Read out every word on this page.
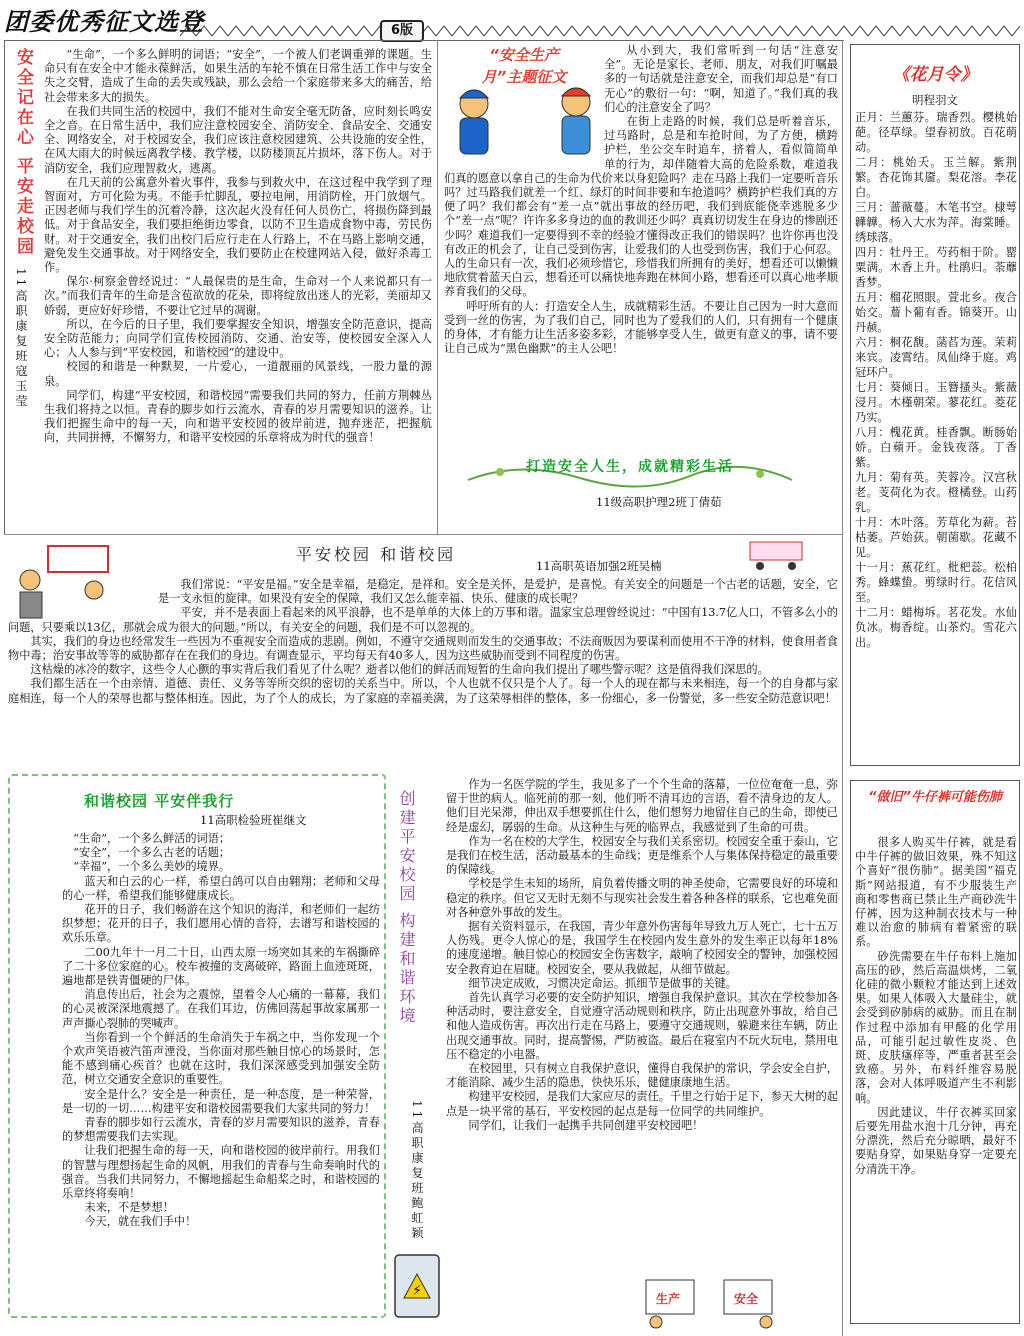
团委优秀征文选登	6版
安全记在心 平安走校园
11高职康复班寇玉莹

“生命”，一个多么鲜明的词语；“安全”，一个被人们老调重弹的课题。生命只有在安全中才能永葆鲜活，如果生活的车轮不慎在日常生活工作中与安全失之交臂，造成了生命的丢失或残缺，那么会给一个家庭带来多大的痛苦，给社会带来多大的损失。

在我们共同生活的校园中，我们不能对生命安全毫无防备，应时刻长鸣安全之音。在日常生活中，我们应注意校园安全、消防安全、食品安全、交通安全、网络安全，对于校园安全，我们应该注意校园建筑、公共设施的安全性，在风大雨大的时候远离教学楼、教学楼，以防楼顶瓦片损坏，落下伤人。对于消防安全，我们应理智救火，逃离。

在几天前的公寓意外着火事件，我参与到救火中，在这过程中我学到了理智面对，方可化险为夷。不能手忙脚乱，要拉电闸，用消防栓，开门放烟气。正因老师与我们学生的沉着冷静，这次起火没有任何人员伤亡，将损伤降到最低。对于食品安全，我们要拒绝街边零食，以防不卫生造成食物中毒，劳民伤财。对于交通安全，我们出校门后应行走在人行路上，不在马路上影响交通，避免发生交通事故。对于网络安全，我们要防止在校建网站入侵，做好杀毒工作。

保尔·柯察金曾经说过：“人最保贵的是生命，生命对一个人来说都只有一次。”而我们青年的生命是含苞欲放的花朵，即将绽放出迷人的光彩，美丽却又娇弱，更应好好珍惜，不要让它过早的凋谢。

所以，在今后的日子里，我们要掌握安全知识，增强安全防范意识，提高安全防范能力；向同学们宣传校园消防、交通、治安等，使校园安全深入人心；人人参与到“平安校园，和谐校园”的建设中。

校园的和谐是一种默契，一片爱心，一道靓丽的风景线，一股力量的源泉。

同学们，构建“平安校园，和谐校园”需要我们共同的努力，任前方荆棘丛生我们将持之以恒。青春的脚步如行云流水，青春的岁月需要知识的滋养。让我们把握生命中的每一天，向和谐平安校园的彼岸前进，抛弃迷茫，把握航向，共同拼搏，不懈努力，和谐平安校园的乐章将成为时代的强音！

“安全生产月”主题征文

从小到大，我们常听到一句话“注意安全”。无论是家长、老师、朋友，对我们叮嘱最多的一句话就是注意安全，而我们却总是“有口无心”的敷衍一句：“啊，知道了。”我们真的我们心的注意安全了吗？

在街上走路的时候，我们总是听着音乐，过马路时，总是和车抢时间，为了方便，横跨护栏，坐公交车时追车，挤着人，看似简简单单的行为，却伴随着大高的危险系数，难道我们真的愿意以拿自己的生命为代价来以身犯险吗？走在马路上我们一定要听音乐吗？过马路我们就差一个红、绿灯的时间非要和车抢道吗？横跨护栏我们真的方便了吗？我们都会有“差一点”就出事故的经历吧，我们到底能侥幸逃脱多少个“差一点”呢？许许多多身边的血的教训还少吗？真真切切发生在身边的惨剧还少吗？难道我们一定要得到不幸的经验才懂得改正我们的错误吗？也许你再也没有改正的机会了，让自己受到伤害，让爱我们的人也受到伤害，我们于心何忍。人的生命只有一次，我们必须珍惜它，珍惜我们所拥有的美好，想看还可以懒懒地欣赏着蓝天白云，想看还可以痛快地奔跑在林间小路，想看还可以真心地孝顺养育我们的父母。

呼吁所有的人：打造安全人生，成就精彩生活。不要让自己因为一时大意而受到一丝的伤害，为了我们自己，同时也为了爱我们的人们，只有拥有一个健康的身体，才有能力让生活多姿多彩，才能够享受人生，做更有意义的事，请不要让自己成为“黑色幽默”的主人公吧！

打造安全人生，成就精彩生活
11级高职护理2班丁倩茹
平安校园 和谐校园
11高职英语加强2班吴楠

我们常说：“平安是福。”安全是幸福，是稳定，是祥和。安全是关怀，是爱护，是喜悦。有关安全的问题是一个古老的话题，安全，它是一支永恒的旋律。如果没有安全的保障，我们又怎么能幸福、快乐、健康的成长呢？

平安，并不是表面上看起来的风平浪静，也不是单单的大体上的万事和谐。温家宝总理曾经说过：“中国有13.7亿人口，不管多么小的问题，只要乘以13亿，那就会成为很大的问题。”所以，有关安全的问题，我们是不可以忽视的。

其实，我们的身边也经常发生一些因为不重视安全而造成的悲剧。例如，不遵守交通规则而发生的交通事故；不法商贩因为要谋利而使用不干净的材料，使食用者食物中毒；治安事故等等的威胁都存在在我们的身边。有调查显示，平均每天有40多人，因为这些威胁而受到不同程度的伤害。

这枯燥的冰冷的数字，这些令人心颤的事实背后我们看见了什么呢？逝者以他们的鲜活而短暂的生命向我们提出了哪些警示呢？这是值得我们深思的。

我们都生活在一个由亲情、道德、责任、义务等等所交织的密切的关系当中。所以，个人也就不仅只是个人了。每一个人的现在都与未来相连，每一个的自身都与家庭相连，每一个人的荣辱也都与整体相连。因此，为了个人的成长，为了家庭的幸福美满，为了这荣辱相伴的整体，多一份细心，多一份警觉，多一些安全防范意识吧！

和谐校园 平安伴我行
11高职检验班崔继文

“生命”，一个多么鲜活的词语；

“安全”，一个多么古老的话题；

“幸福”，一个多么美妙的境界。

蓝天和白云的心一样，希望白鸽可以自由翱翔；老师和父母的心一样，希望我们能够健康成长。

花开的日子，我们畅游在这个知识的海洋，和老师们一起纺织梦想；花开的日子，我们愿用心情的音符，去谱写和谐校园的欢乐乐章。

二00九年十一月二十日，山西太原一场突如其来的车祸撕碎了二十多位家庭的心。校车被撞的支离破碎，路面上血迹斑斑，遍地都是铁青僵硬的尸体。

消息传出后，社会为之震惊，望着令人心痛的一幕幕，我们的心灵被深深地震撼了。在我们耳边，仿佛回荡起事故家属那一声声撕心裂肺的哭喊声。

当你看到一个个鲜活的生命消失于车祸之中，当你发现一个个欢声笑语被汽笛声湮没，当你面对那些触目惊心的场景时，怎能不感到痛心疾首？也就在这时，我们深深感受到加强安全防范，树立交通安全意识的重要性。

安全是什么？安全是一种责任，是一种态度，是一种荣誉，是一切的一切……构建平安和谐校园需要我们大家共同的努力！

青春的脚步如行云流水，青春的岁月需要知识的滋养，青春的梦想需要我们去实现。

让我们把握生命的每一天，向和谐校园的彼岸前行。用我们的智慧与理想扬起生命的风帆，用我们的青春与生命奏响时代的强音。当我们共同努力，不懈地摇起生命船桨之时，和谐校园的乐章终将奏响！

未来，不是梦想！

今天，就在我们手中！

创建平安校园 构建和谐环境
11高职康复班鲍虹颖
⚡

作为一名医学院的学生，我见多了一个个生命的落幕，一位位奄奄一息，弥留于世的病人。临死前的那一刻，他们听不清耳边的言语，看不清身边的友人。他们目光呆滞，伸出双手想要抓住什么，他们想努力地留住自己的生命，即使已经是虚幻，孱弱的生命。从这种生与死的临界点，我感觉到了生命的可贵。

作为一名在校的大学生，校园安全与我们关系密切。校园安全重于泰山，它是我们在校生活，活动最基本的生命线；更是维系个人与集体保持稳定的最重要的保障线。

学校是学生未知的场所，肩负着传播文明的神圣使命，它需要良好的环境和稳定的秩序。但它又无时无刻不与现实社会发生着各种各样的联系，它也难免面对各种意外事故的发生。

据有关资料显示，在我国，青少年意外伤害每年导致九万人死亡，七十五万人伤残。更令人惊心的是，我国学生在校园内发生意外的发生率正以每年18%的速度递增。触目惊心的校园安全伤害数字，敲响了校园安全的警钟，加强校园安全教育迫在眉睫。校园安全，要从我做起，从细节做起。

细节决定成败，习惯决定命运。抓细节是做事的关键。

首先认真学习必要的安全防护知识，增强自我保护意识。其次在学校参加各种活动时，要注意安全，自觉遵守活动规则和秩序，防止出现意外事故，给自己和他人造成伤害。再次出行走在马路上，要遵守交通规则，躲避来往车辆，防止出现交通事故。同时，提高警惕，严防被盗。最后在寝室内不玩火玩电，禁用电压不稳定的小电器。

在校园里，只有树立自我保护意识，懂得自我保护的常识，学会安全自护，才能消除、减少生活的隐患，快快乐乐，健健康康地生活。

构建平安校园，是我们大家应尽的责任。千里之行始于足下，参天大树的起点是一块平常的基石，平安校园的起点是每一位同学的共同维护。

同学们，让我们一起携手共同创建平安校园吧！

生产	安全
《花月令》
明程羽文

正月：兰蕙芬。瑞香烈。樱桃始葩。径草绿。望春初放。百花萌动。

二月：桃始夭。玉兰解。紫荆繁。杏花饰其靥。梨花溶。李花白。

三月：蔷薇蔓。木笔书空。棣萼韡韡。杨入大水为萍。海棠睡。绣球落。

四月：牡丹王。芍药相于阶。罂粟满。木香上升。杜鹃归。荼蘼香梦。

五月：榴花照眼。萱北乡。夜合始交。薝卜葡有香。锦葵开。山丹赪。

六月：桐花馥。菡萏为莲。茉莉来宾。凌霄结。凤仙绛于庭。鸡冠环户。

七月：葵倾日。玉簪搔头。紫薇浸月。木槿朝荣。蓼花红。菱花乃实。

八月：槐花黄。桂香飘。断肠始娇。白蘋开。金钱夜落。丁香紫。

九月：菊有英。芙蓉冷。汉宫秋老。芰荷化为衣。橙橘登。山药乳。

十月：木叶落。芳草化为薪。苔枯萎。芦始荻。朝菌歇。花藏不见。

十一月：蕉花红。枇杷蕊。松柏秀。蜂蝶蛰。剪绿时行。花信风至。

十二月：蜡梅坼。茗花发。水仙负冰。梅香绽。山茶灼。雪花六出。

“做旧”牛仔裤可能伤肺

很多人购买牛仔裤，就是看中牛仔裤的做旧效果，殊不知这个喜好“很伤肺”。据美国“福克斯”网站报道，有不少服装生产商和零售商已禁止生产商砂洗牛仔裤，因为这种制衣技术与一种难以治愈的肺病有着紧密的联系。

砂洗需要在牛仔布料上施加高压的砂，然后高温烘烤，二氧化硅的微小颗粒才能达到上述效果。如果人体吸入大量硅尘，就会受到矽肺病的威胁。而且在制作过程中添加有甲醛的化学用品，可能引起过敏性皮炎、色斑、皮肤瘙痒等，严重者甚至会致癌。另外，布料纤维容易脱落，会对人体呼吸道产生不利影响。

因此建议，牛仔衣裤买回家后要先用盐水泡十几分钟，再充分漂洗，然后充分晾晒，最好不要贴身穿，如果贴身穿一定要充分清洗干净。
